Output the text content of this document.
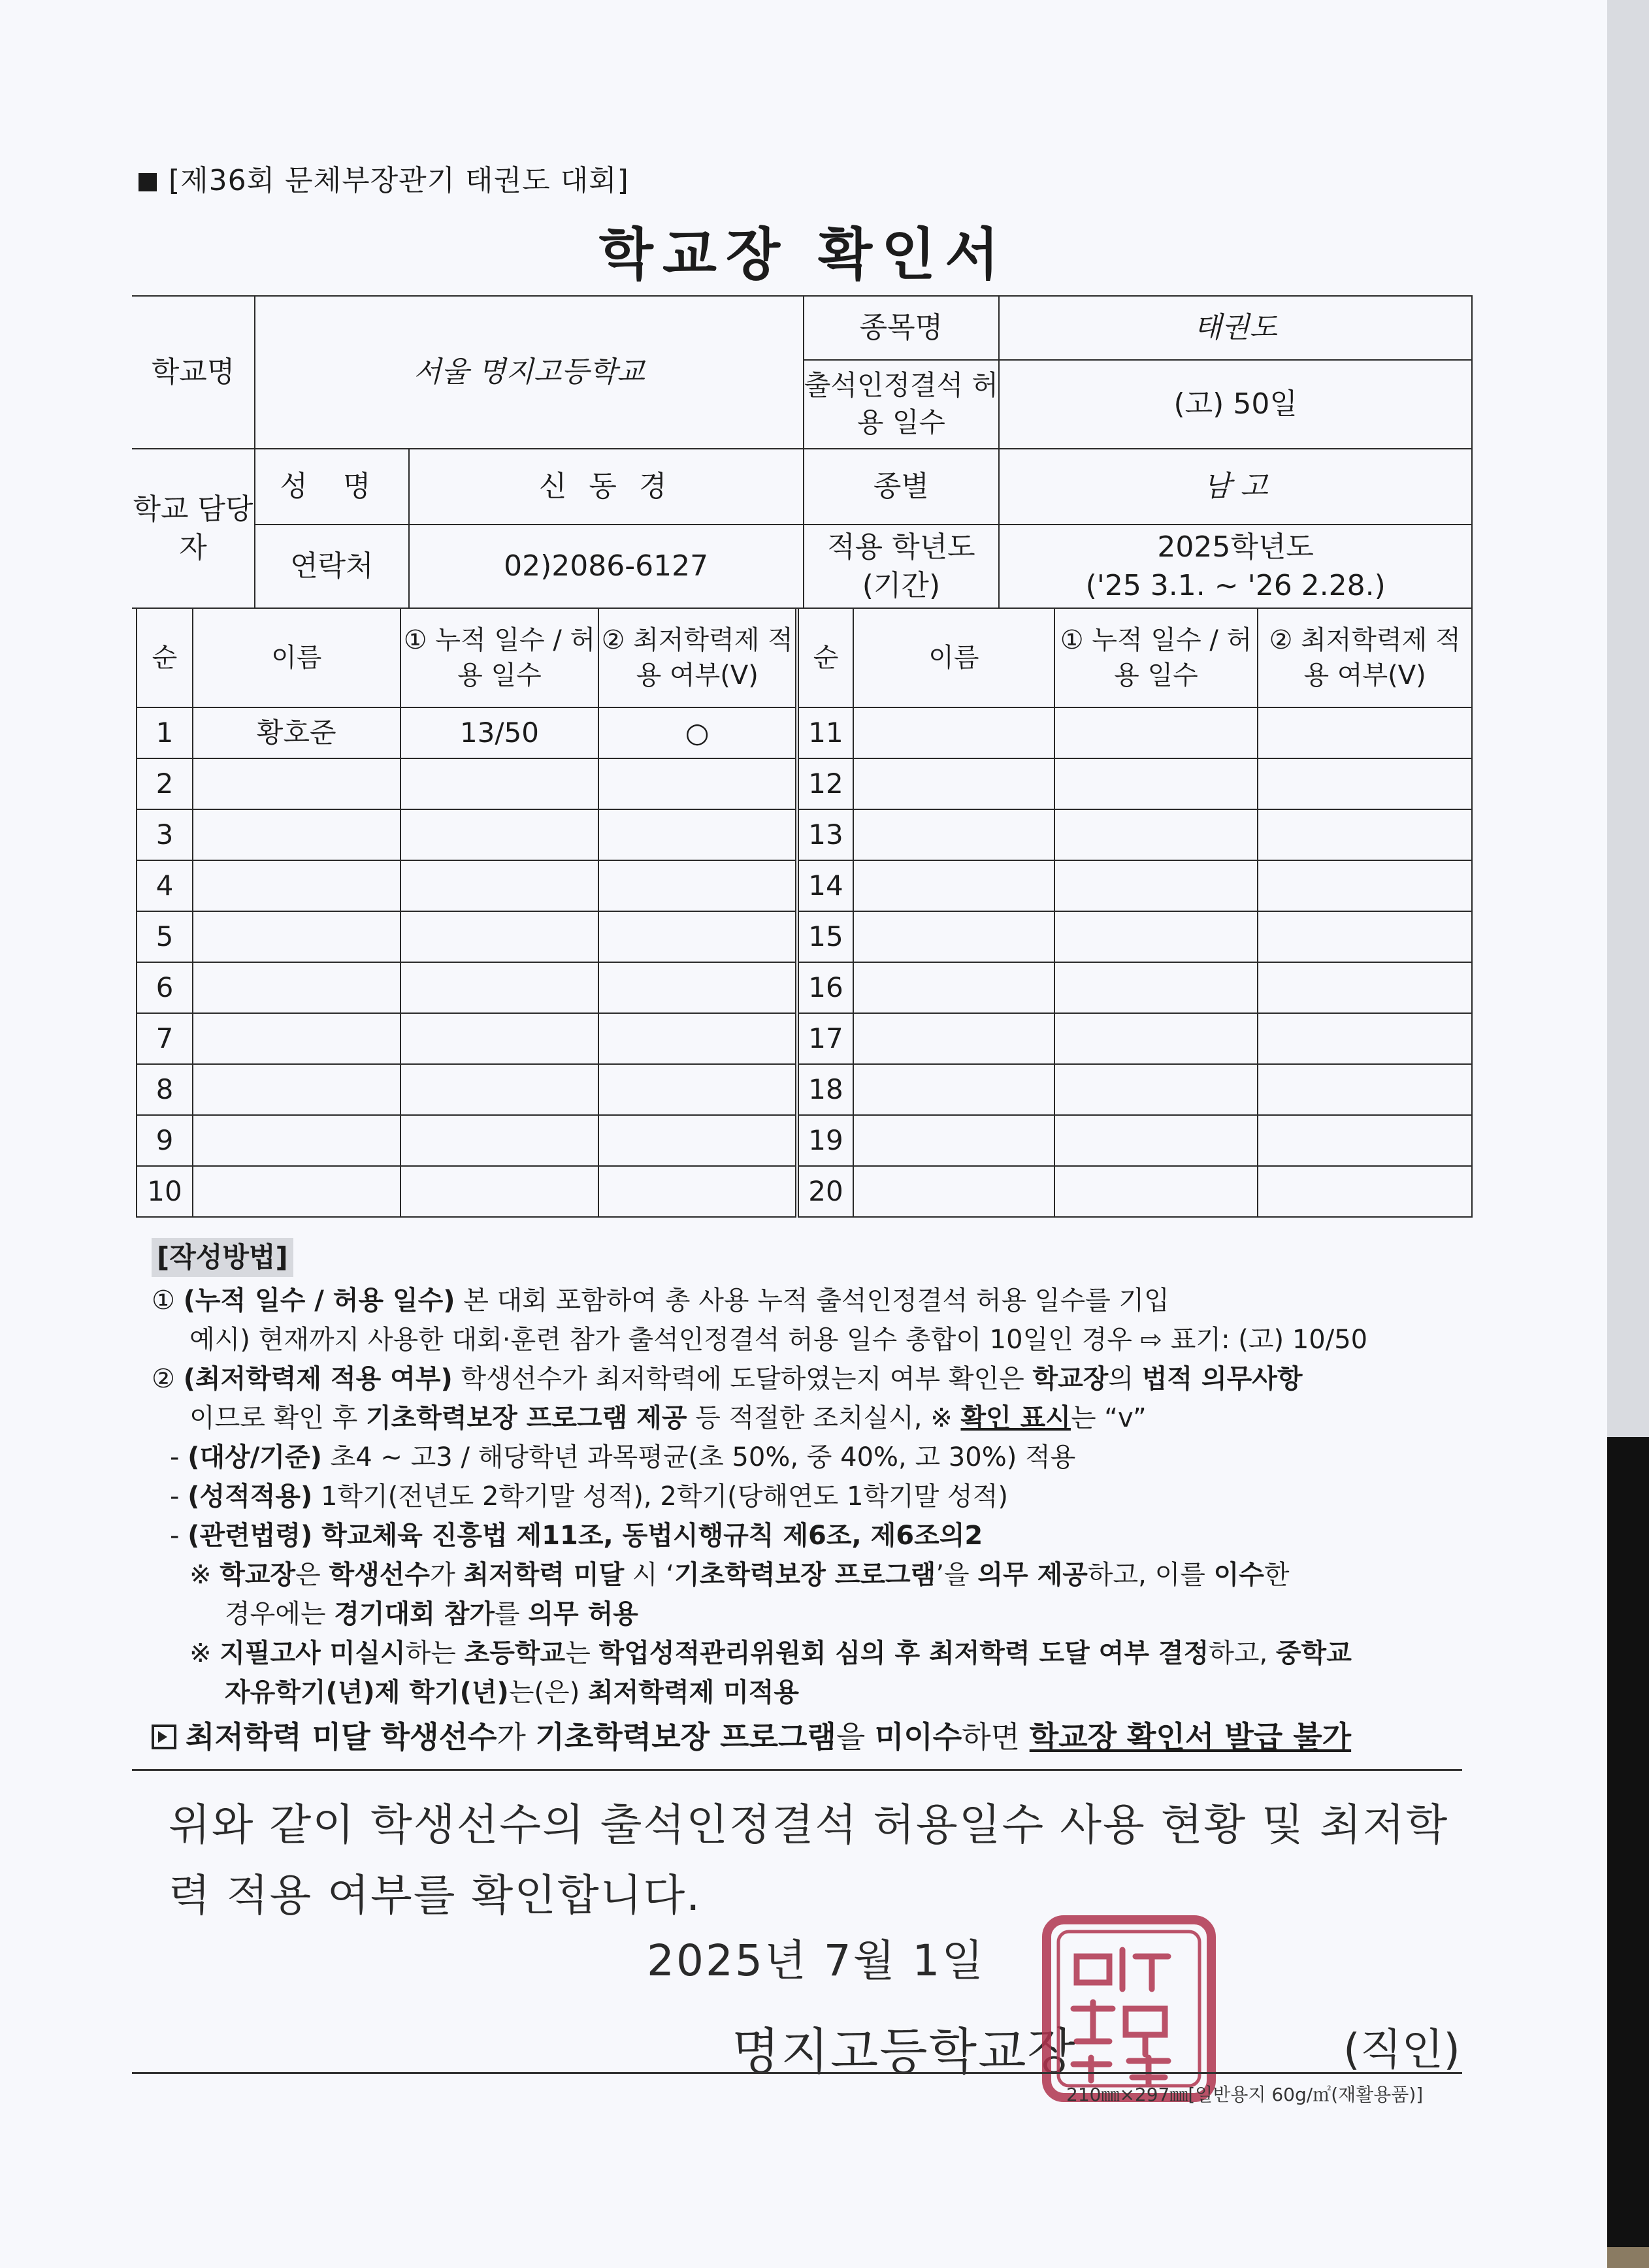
[제36회 문체부장관기 태권도 대회]
학교장 확인서
학교명	서울 명지고등학교		종목명	태권도
			출석인정결석 허용 일수	(고) 50일
학교 담당자	성 명	신 동 경	종별	남 고
	연락처	02)2086-6127	적용 학년도 (기간)	2025학년도
('25 3.1. ~ '26 2.28.)
순	이름	① 누적 일수 / 허용 일수	② 최저학력제 적용 여부(V)	순	이름	① 누적 일수 / 허용 일수	② 최저학력제 적용 여부(V)
1	황호준	13/50	○	11			
2				12			
3				13			
4				14			
5				15			
6				16			
7				17			
8				18			
9				19			
10				20			
[작성방법]
① (누적 일수 / 허용 일수) 본 대회 포함하여 총 사용 누적 출석인정결석 허용 일수를 기입
예시) 현재까지 사용한 대회·훈련 참가 출석인정결석 허용 일수 총합이 10일인 경우 ⇨ 표기: (고) 10/50
② (최저학력제 적용 여부) 학생선수가 최저학력에 도달하였는지 여부 확인은 학교장의 법적 의무사항
이므로 확인 후 기초학력보장 프로그램 제공 등 적절한 조치실시, ※ 확인 표시는 “v”
- (대상/기준) 초4 ~ 고3 / 해당학년 과목평균(초 50%, 중 40%, 고 30%) 적용
- (성적적용) 1학기(전년도 2학기말 성적), 2학기(당해연도 1학기말 성적)
- (관련법령) 학교체육 진흥법 제11조, 동법시행규칙 제6조, 제6조의2
※ 학교장은 학생선수가 최저학력 미달 시 ‘기초학력보장 프로그램’을 의무 제공하고, 이를 이수한
경우에는 경기대회 참가를 의무 허용
※ 지필고사 미실시하는 초등학교는 학업성적관리위원회 심의 후 최저학력 도달 여부 결정하고, 중학교
자유학기(년)제 학기(년)는(은) 최저학력제 미적용
최저학력 미달 학생선수가 기초학력보장 프로그램을 미이수하면 학교장 확인서 발급 불가
위와 같이 학생선수의 출석인정결석 허용일수 사용 현황 및 최저학력 적용 여부를 확인합니다.
2025년 7월 1일
명지고등학교장	(직인)
210㎜×297㎜[일반용지 60g/㎡(재활용품)]
